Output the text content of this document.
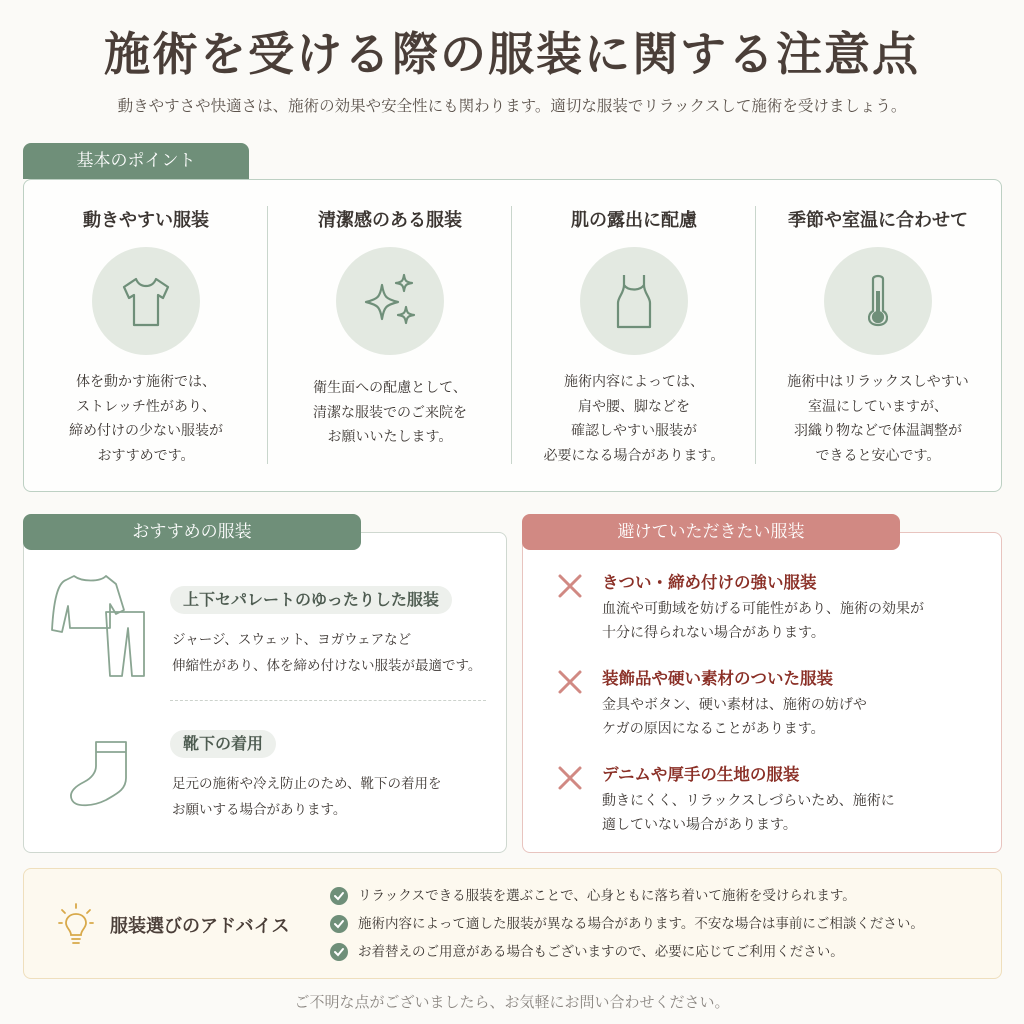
施術を受ける際の服装に関する注意点
動きやすさや快適さは、施術の効果や安全性にも関わります。適切な服装でリラックスして施術を受けましょう。
基本のポイント
動きやすい服装
体を動かす施術では、
ストレッチ性があり、
締め付けの少ない服装が
おすすめです。
清潔感のある服装
衛生面への配慮として、
清潔な服装でのご来院を
お願いいたします。
肌の露出に配慮
施術内容によっては、
肩や腰、脚などを
確認しやすい服装が
必要になる場合があります。
季節や室温に合わせて
施術中はリラックスしやすい
室温にしていますが、
羽織り物などで体温調整が
できると安心です。
おすすめの服装
上下セパレートのゆったりした服装
ジャージ、スウェット、ヨガウェアなど
伸縮性があり、体を締め付けない服装が最適です。
靴下の着用
足元の施術や冷え防止のため、靴下の着用を
お願いする場合があります。
避けていただきたい服装
きつい・締め付けの強い服装
血流や可動域を妨げる可能性があり、施術の効果が
十分に得られない場合があります。
装飾品や硬い素材のついた服装
金具やボタン、硬い素材は、施術の妨げや
ケガの原因になることがあります。
デニムや厚手の生地の服装
動きにくく、リラックスしづらいため、施術に
適していない場合があります。
服装選びのアドバイス
リラックスできる服装を選ぶことで、心身ともに落ち着いて施術を受けられます。
施術内容によって適した服装が異なる場合があります。不安な場合は事前にご相談ください。
お着替えのご用意がある場合もございますので、必要に応じてご利用ください。
ご不明な点がございましたら、お気軽にお問い合わせください。
